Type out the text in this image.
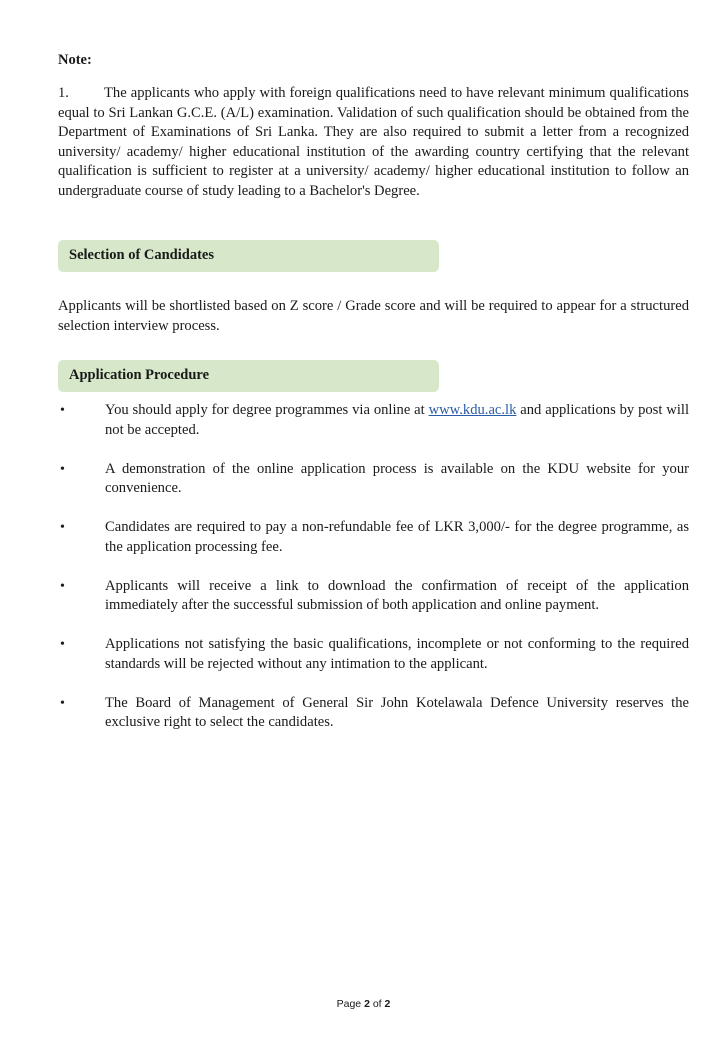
Note:
1. The applicants who apply with foreign qualifications need to have relevant minimum qualifications equal to Sri Lankan G.C.E. (A/L) examination. Validation of such qualification should be obtained from the Department of Examinations of Sri Lanka. They are also required to submit a letter from a recognized university/ academy/ higher educational institution of the awarding country certifying that the relevant qualification is sufficient to register at a university/ academy/ higher educational institution to follow an undergraduate course of study leading to a Bachelor's Degree.
Selection of Candidates
Applicants will be shortlisted based on Z score / Grade score and will be required to appear for a structured selection interview process.
Application Procedure
•	You should apply for degree programmes via online at www.kdu.ac.lk and applications by post will not be accepted.
•	A demonstration of the online application process is available on the KDU website for your convenience.
•	Candidates are required to pay a non-refundable fee of LKR 3,000/- for the degree programme, as the application processing fee.
•	Applicants will receive a link to download the confirmation of receipt of the application immediately after the successful submission of both application and online payment.
•	Applications not satisfying the basic qualifications, incomplete or not conforming to the required standards will be rejected without any intimation to the applicant.
•	The Board of Management of General Sir John Kotelawala Defence University reserves the exclusive right to select the candidates.
Page 2 of 2
